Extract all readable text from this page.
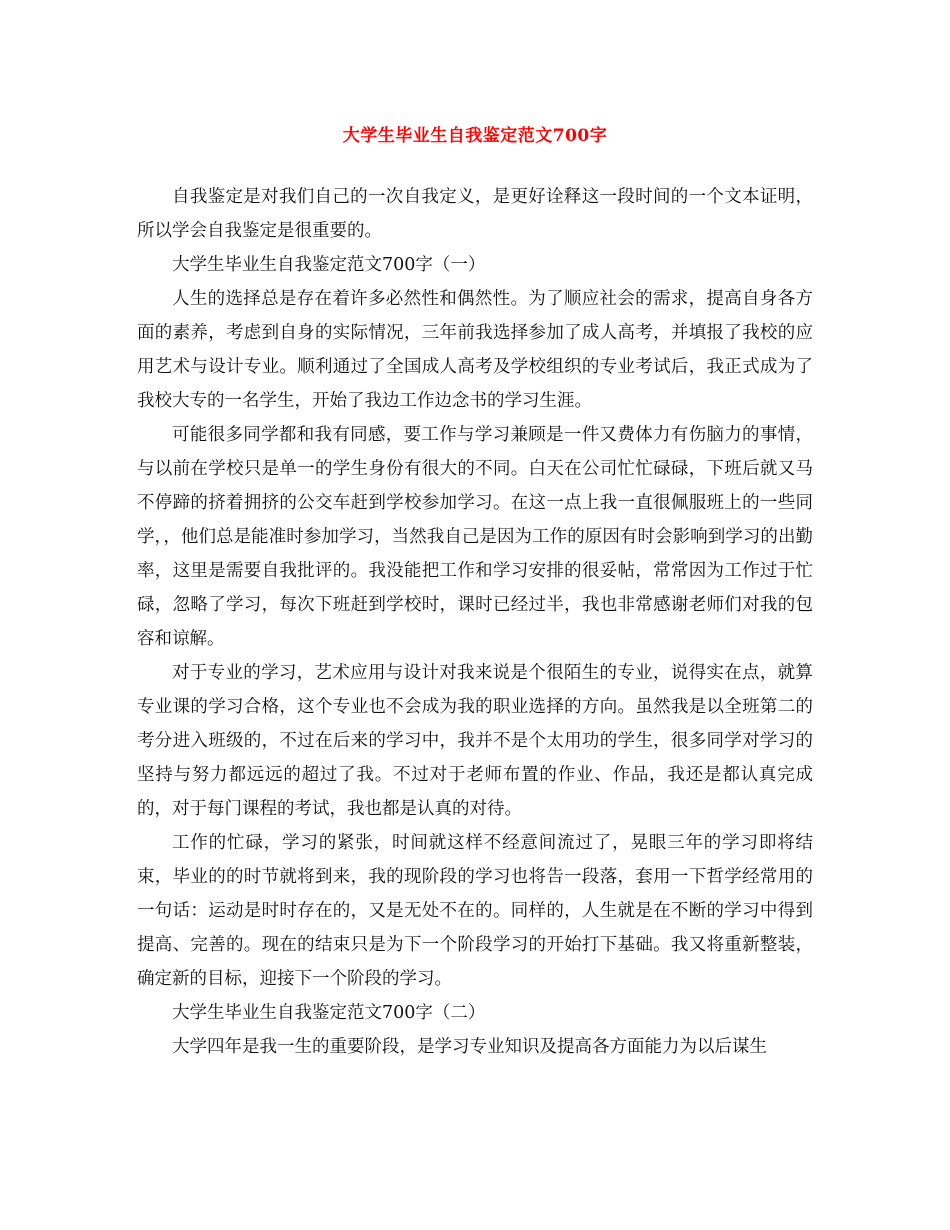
大学生毕业生自我鉴定范文700字

自我鉴定是对我们自己的一次自我定义，是更好诠释这一段时间的一个文本证明，所以学会自我鉴定是很重要的。

大学生毕业生自我鉴定范文700字（一）

人生的选择总是存在着许多必然性和偶然性。为了顺应社会的需求，提高自身各方面的素养，考虑到自身的实际情况，三年前我选择参加了成人高考，并填报了我校的应用艺术与设计专业。顺利通过了全国成人高考及学校组织的专业考试后，我正式成为了我校大专的一名学生，开始了我边工作边念书的学习生涯。

可能很多同学都和我有同感，要工作与学习兼顾是一件又费体力有伤脑力的事情，与以前在学校只是单一的学生身份有很大的不同。白天在公司忙忙碌碌，下班后就又马不停蹄的挤着拥挤的公交车赶到学校参加学习。在这一点上我一直很佩服班上的一些同学，，他们总是能准时参加学习，当然我自己是因为工作的原因有时会影响到学习的出勤率，这里是需要自我批评的。我没能把工作和学习安排的很妥帖，常常因为工作过于忙碌，忽略了学习，每次下班赶到学校时，课时已经过半，我也非常感谢老师们对我的包容和谅解。

对于专业的学习，艺术应用与设计对我来说是个很陌生的专业，说得实在点，就算专业课的学习合格，这个专业也不会成为我的职业选择的方向。虽然我是以全班第二的考分进入班级的，不过在后来的学习中，我并不是个太用功的学生，很多同学对学习的坚持与努力都远远的超过了我。不过对于老师布置的作业、作品，我还是都认真完成的，对于每门课程的考试，我也都是认真的对待。

工作的忙碌，学习的紧张，时间就这样不经意间流过了，晃眼三年的学习即将结束，毕业的的时节就将到来，我的现阶段的学习也将告一段落，套用一下哲学经常用的一句话：运动是时时存在的，又是无处不在的。同样的，人生就是在不断的学习中得到提高、完善的。现在的结束只是为下一个阶段学习的开始打下基础。我又将重新整装，确定新的目标，迎接下一个阶段的学习。

大学生毕业生自我鉴定范文700字（二）

大学四年是我一生的重要阶段，是学习专业知识及提高各方面能力为以后谋生
